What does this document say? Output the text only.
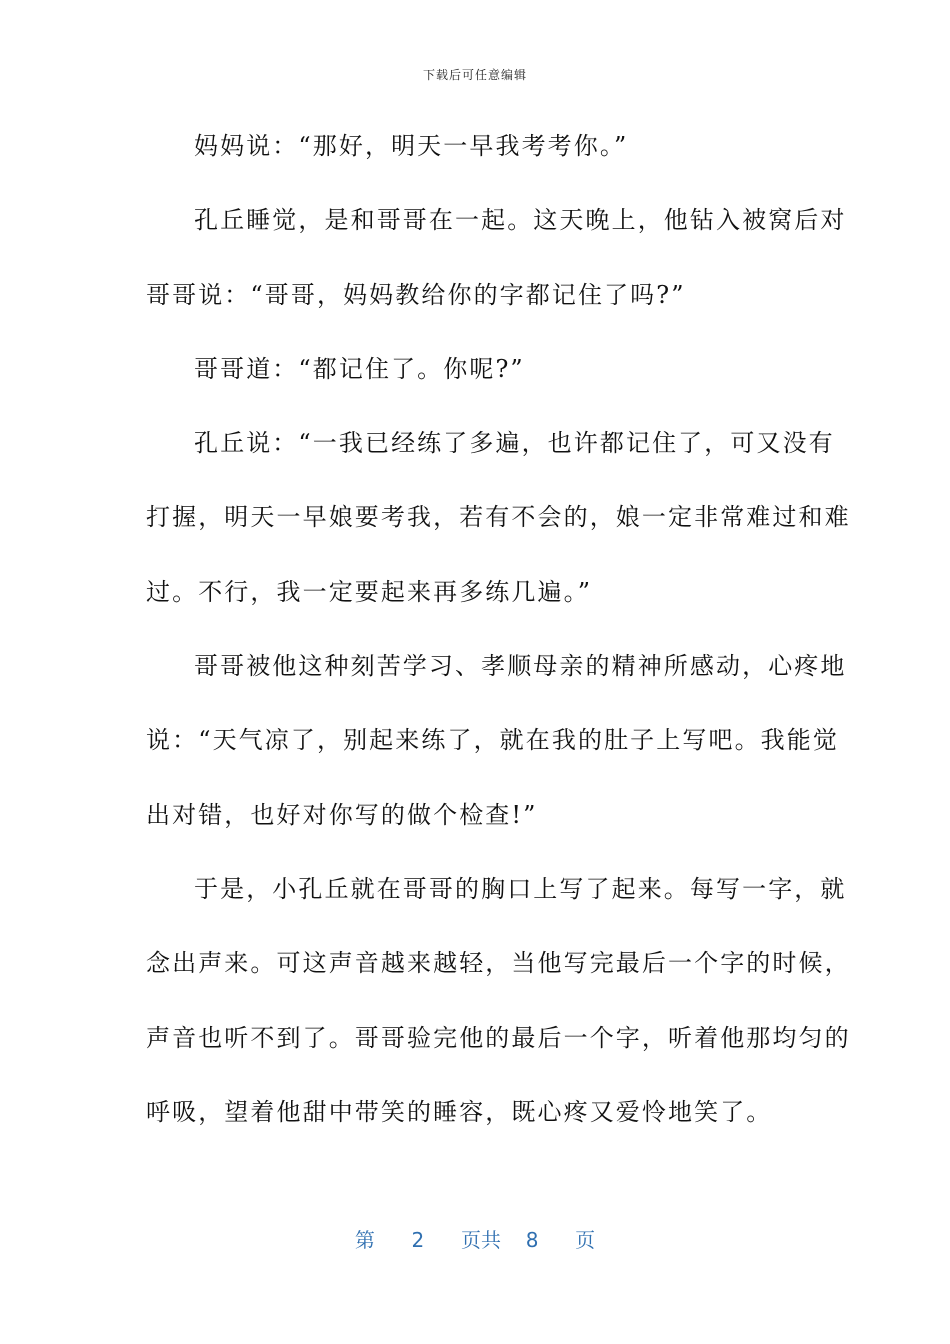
下载后可任意编辑
妈妈说：“那好，明天一早我考考你。”
孔丘睡觉，是和哥哥在一起。这天晚上，他钻入被窝后对
哥哥说：“哥哥，妈妈教给你的字都记住了吗?”
哥哥道：“都记住了。你呢?”
孔丘说：“一我已经练了多遍，也许都记住了，可又没有
打握，明天一早娘要考我，若有不会的，娘一定非常难过和难
过。不行，我一定要起来再多练几遍。”
哥哥被他这种刻苦学习、孝顺母亲的精神所感动，心疼地
说：“天气凉了，别起来练了，就在我的肚子上写吧。我能觉
出对错，也好对你写的做个检查!”
于是，小孔丘就在哥哥的胸口上写了起来。每写一字，就
念出声来。可这声音越来越轻，当他写完最后一个字的时候，
声音也听不到了。哥哥验完他的最后一个字，听着他那均匀的
呼吸，望着他甜中带笑的睡容，既心疼又爱怜地笑了。
第 2 页共 8 页
